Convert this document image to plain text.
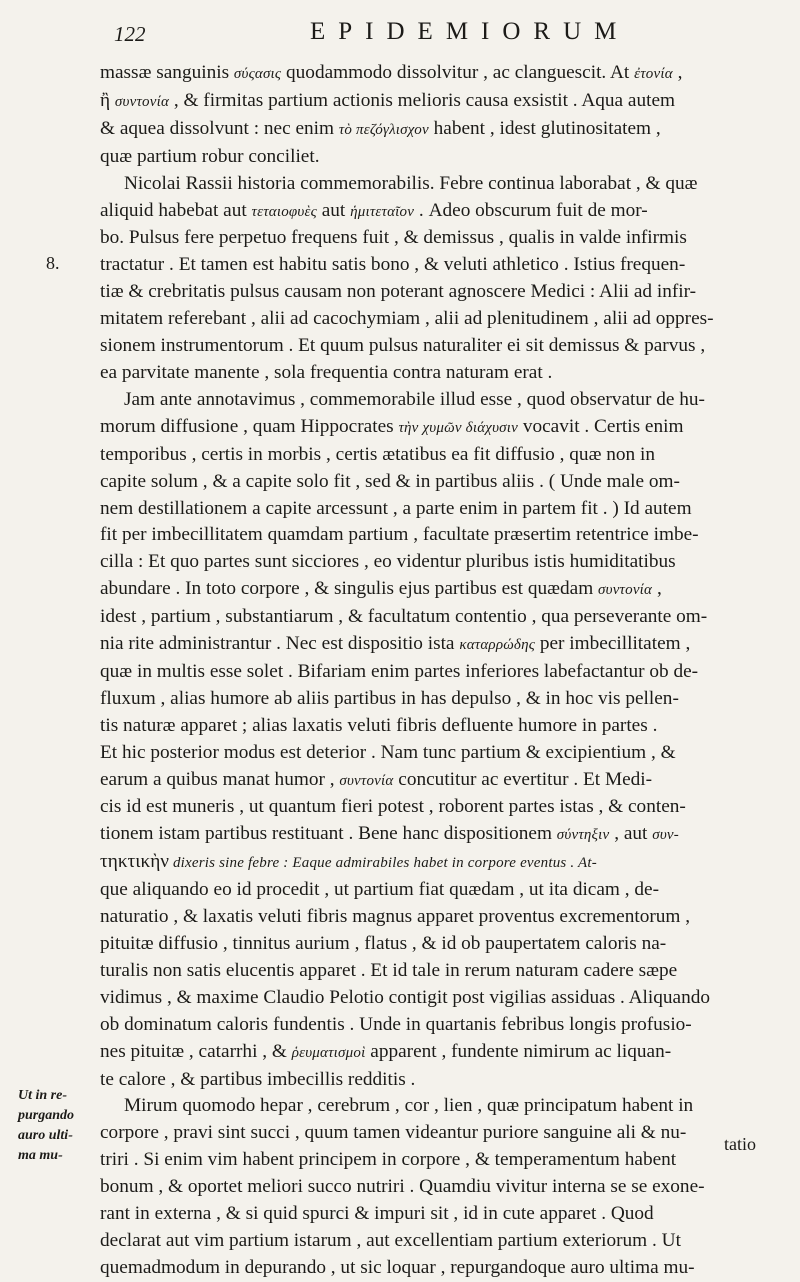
122	EPIDEMIORUM
8.

massæ sanguinis σύςασις quodammodo dissolvitur , ac clanguescit. At ἐτονία ,
ἢ συντονία , & firmitas partium actionis melioris causa exsistit . Aqua autem
& aquea dissolvunt : nec enim τὸ πεζόγλισχον habent , idest glutinositatem ,
quæ partium robur conciliet.

Nicolai Rassii historia commemorabilis. Febre continua laborabat , & quæ
aliquid habebat aut τεταιοφυὲς aut ἡμιτεταῖον . Adeo obscurum fuit de mor-
bo. Pulsus fere perpetuo frequens fuit , & demissus , qualis in valde infirmis
tractatur . Et tamen est habitu satis bono , & veluti athletico . Istius frequen-
tiæ & crebritatis pulsus causam non poterant agnoscere Medici : Alii ad infir-
mitatem referebant , alii ad cacochymiam , alii ad plenitudinem , alii ad oppres-
sionem instrumentorum . Et quum pulsus naturaliter ei sit demissus & parvus ,
ea parvitate manente , sola frequentia contra naturam erat .

Jam ante annotavimus , commemorabile illud esse , quod observatur de hu-
morum diffusione , quam Hippocrates τὴν χυμῶν διάχυσιν vocavit . Certis enim
temporibus , certis in morbis , certis ætatibus ea fit diffusio , quæ non in
capite solum , & a capite solo fit , sed & in partibus aliis . ( Unde male om-
nem destillationem a capite arcessunt , a parte enim in partem fit . ) Id autem
fit per imbecillitatem quamdam partium , facultate præsertim retentrice imbe-
cilla : Et quo partes sunt sicciores , eo videntur pluribus istis humiditatibus
abundare . In toto corpore , & singulis ejus partibus est quædam συντονία ,
idest , partium , substantiarum , & facultatum contentio , qua perseverante om-
nia rite administrantur . Nec est dispositio ista καταρρώδης per imbecillitatem ,
quæ in multis esse solet . Bifariam enim partes inferiores labefactantur ob de-
fluxum , alias humore ab aliis partibus in has depulso , & in hoc vis pellen-
tis naturæ apparet ; alias laxatis veluti fibris defluente humore in partes .
Et hic posterior modus est deterior . Nam tunc partium & excipientium , &
earum a quibus manat humor , συντονία concutitur ac evertitur . Et Medi-
cis id est muneris , ut quantum fieri potest , roborent partes istas , & conten-
tionem istam partibus restituant . Bene hanc dispositionem σύντηξιν , aut συν-
τηκτικὴν dixeris sine febre : Eaque admirabiles habet in corpore eventus . At-
que aliquando eo id procedit , ut partium fiat quædam , ut ita dicam , de-
naturatio , & laxatis veluti fibris magnus apparet proventus excrementorum ,
pituitæ diffusio , tinnitus aurium , flatus , & id ob paupertatem caloris na-
turalis non satis elucentis apparet . Et id tale in rerum naturam cadere sæpe
vidimus , & maxime Claudio Pelotio contigit post vigilias assiduas . Aliquando
ob dominatum caloris fundentis . Unde in quartanis febribus longis profusio-
nes pituitæ , catarrhi , & ῥευματισμοὶ apparent , fundente nimirum ac liquan-
te calore , & partibus imbecillis redditis .

Mirum quomodo hepar , cerebrum , cor , lien , quæ principatum habent in
corpore , pravi sint succi , quum tamen videantur puriore sanguine ali & nu-
triri . Si enim vim habent principem in corpore , & temperamentum habent
bonum , & oportet meliori succo nutriri . Quamdiu vivitur interna se se exone-
rant in externa , & si quid spurci & impuri sit , id in cute apparet . Quod
declarat aut vim partium istarum , aut excellentiam partium exteriorum . Ut
quemadmodum in depurando , ut sic loquar , repurgandoque auro ultima mu-

Ut in re-
purgando
auro ulti-
ma mu-
tatio
